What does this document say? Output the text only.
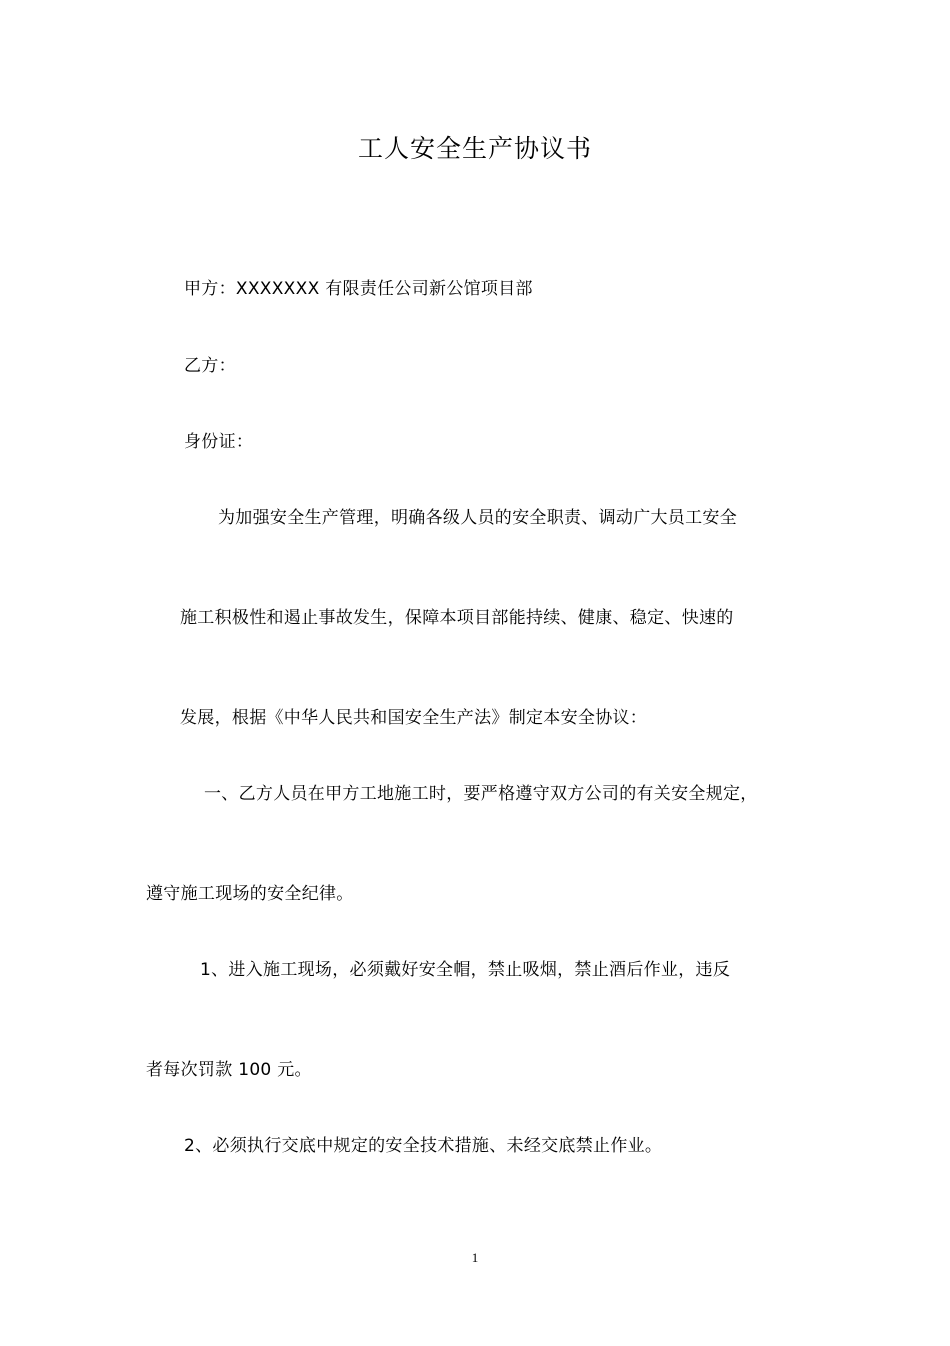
工人安全生产协议书
甲方：XXXXXXX 有限责任公司新公馆项目部
乙方：
身份证：
为加强安全生产管理，明确各级人员的安全职责、调动广大员工安全
施工积极性和遏止事故发生，保障本项目部能持续、健康、稳定、快速的
发展，根据《中华人民共和国安全生产法》制定本安全协议：
一、乙方人员在甲方工地施工时，要严格遵守双方公司的有关安全规定，
遵守施工现场的安全纪律。
1、进入施工现场，必须戴好安全帽，禁止吸烟，禁止酒后作业，违反
者每次罚款 100 元。
2、必须执行交底中规定的安全技术措施、未经交底禁止作业。
1
